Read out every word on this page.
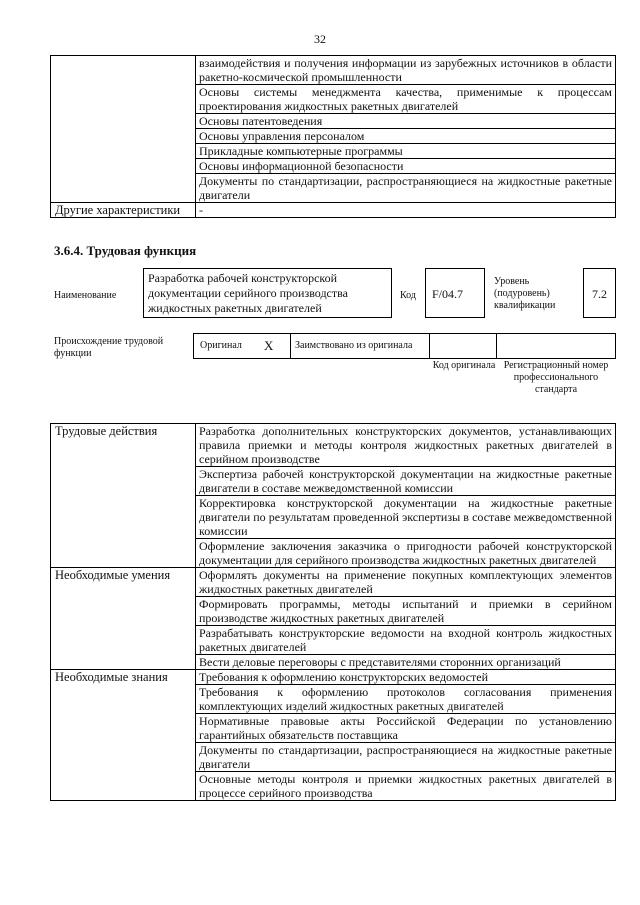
32
	взаимодействия и получения информации из зарубежных источников в области ракетно-космической промышленности
	Основы системы менеджмента качества, применимые к процессам проектирования жидкостных ракетных двигателей
	Основы патентоведения
	Основы управления персоналом
	Прикладные компьютерные программы
	Основы информационной безопасности
	Документы по стандартизации, распространяющиеся на жидкостные ракетные двигатели
Другие характеристики	-
3.6.4. Трудовая функция
Наименование
Разработка рабочей конструкторской документации серийного производства жидкостных ракетных двигателей
Код	F/04.7
Уровень (подуровень) квалификации
7.2
Происхождение трудовой функции
Оригинал X	Заимствовано из оригинала
Код оригинала Регистрационный номер профессионального стандарта
Трудовые действия	Разработка дополнительных конструкторских документов, устанавливающих правила приемки и методы контроля жидкостных ракетных двигателей в серийном производстве
	Экспертиза рабочей конструкторской документации на жидкостные ракетные двигатели в составе межведомственной комиссии
	Корректировка конструкторской документации на жидкостные ракетные двигатели по результатам проведенной экспертизы в составе межведомственной комиссии
	Оформление заключения заказчика о пригодности рабочей конструкторской документации для серийного производства жидкостных ракетных двигателей
Необходимые умения	Оформлять документы на применение покупных комплектующих элементов жидкостных ракетных двигателей
	Формировать программы, методы испытаний и приемки в серийном производстве жидкостных ракетных двигателей
	Разрабатывать конструкторские ведомости на входной контроль жидкостных ракетных двигателей
	Вести деловые переговоры с представителями сторонних организаций
Необходимые знания	Требования к оформлению конструкторских ведомостей
	Требования к оформлению протоколов согласования применения комплектующих изделий жидкостных ракетных двигателей
	Нормативные правовые акты Российской Федерации по установлению гарантийных обязательств поставщика
	Документы по стандартизации, распространяющиеся на жидкостные ракетные двигатели
	Основные методы контроля и приемки жидкостных ракетных двигателей в процессе серийного производства
